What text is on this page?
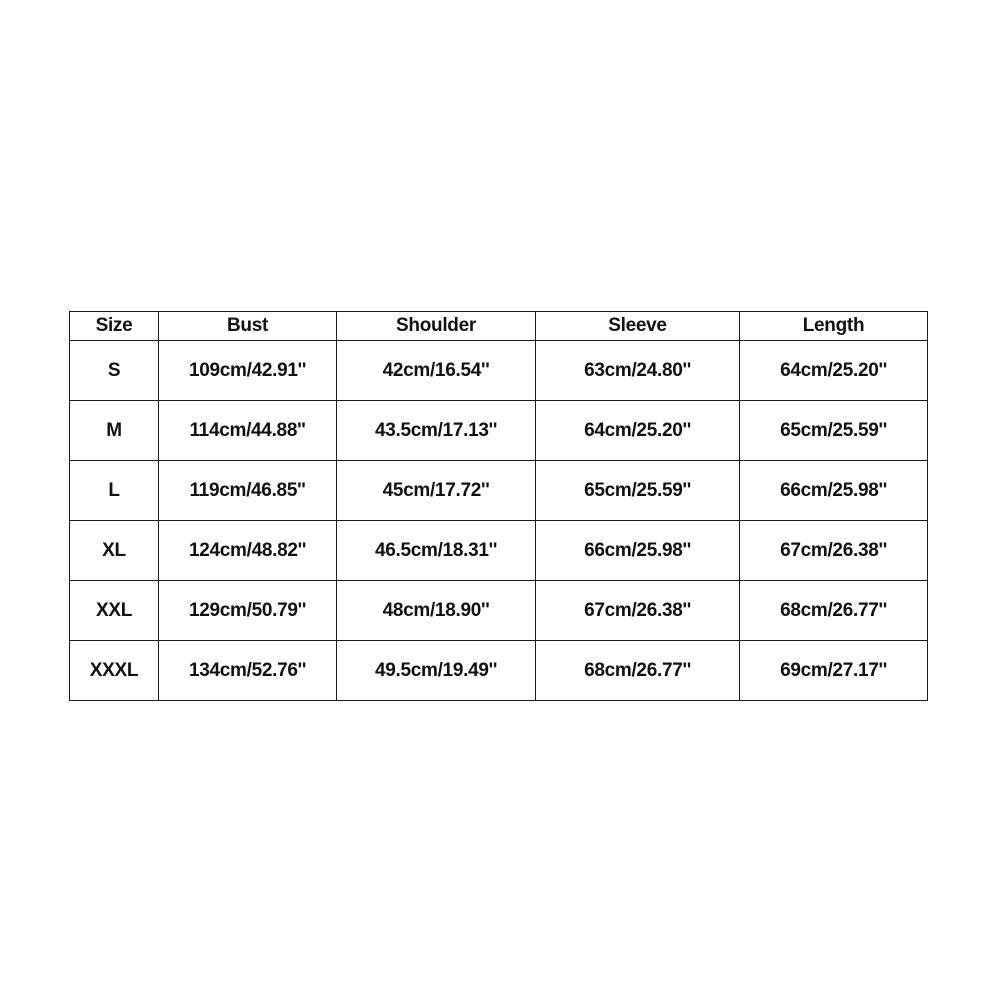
Size	Bust	Shoulder	Sleeve	Length
S	109cm/42.91''	42cm/16.54''	63cm/24.80''	64cm/25.20''
M	114cm/44.88''	43.5cm/17.13''	64cm/25.20''	65cm/25.59''
L	119cm/46.85''	45cm/17.72''	65cm/25.59''	66cm/25.98''
XL	124cm/48.82''	46.5cm/18.31''	66cm/25.98''	67cm/26.38''
XXL	129cm/50.79''	48cm/18.90''	67cm/26.38''	68cm/26.77''
XXXL	134cm/52.76''	49.5cm/19.49''	68cm/26.77''	69cm/27.17''
